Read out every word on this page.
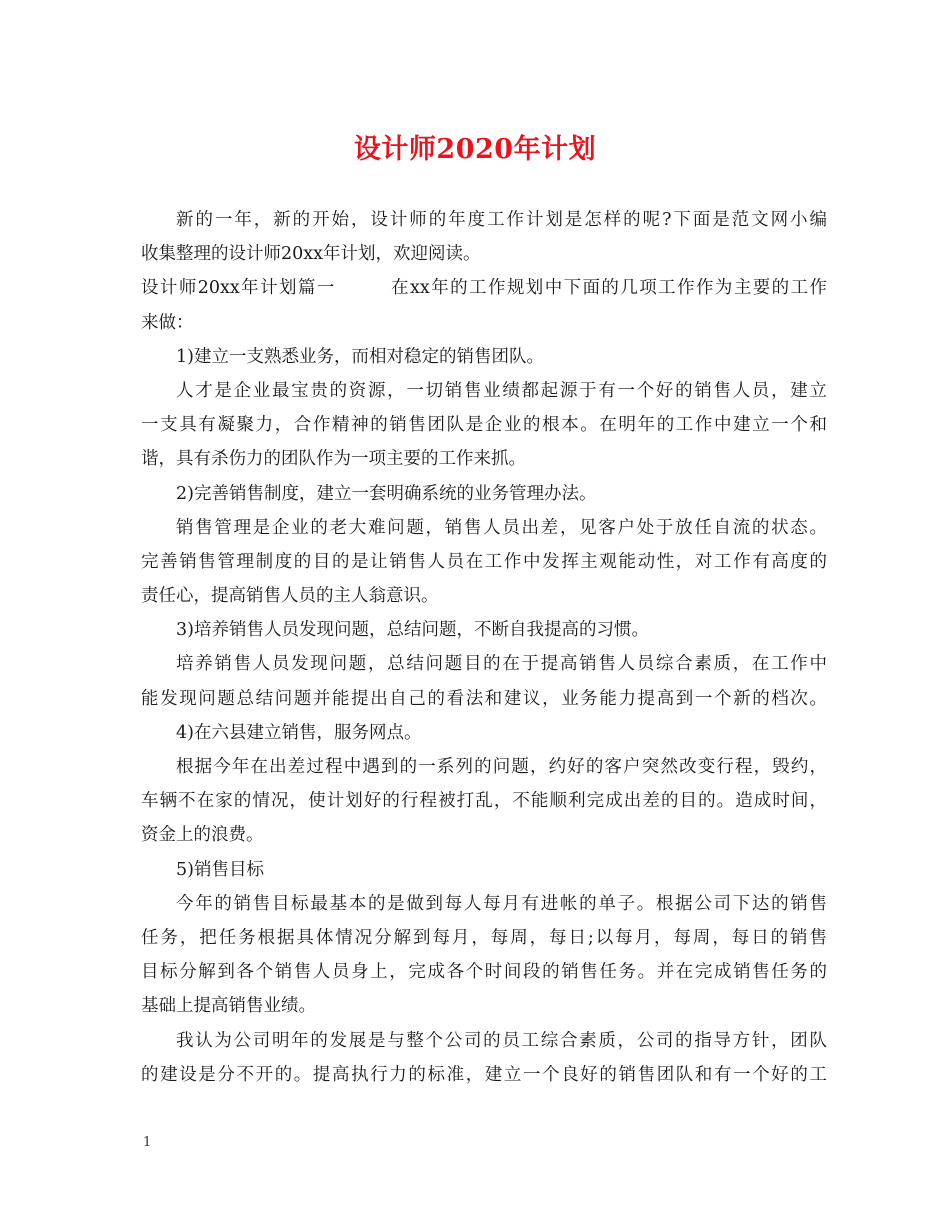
设计师2020年计划
新的一年，新的开始，设计师的年度工作计划是怎样的呢?下面是范文网小编
收集整理的设计师20xx年计划，欢迎阅读。
设计师20xx年计划篇一	在xx年的工作规划中下面的几项工作作为主要的工作
来做：
1)建立一支熟悉业务，而相对稳定的销售团队。
人才是企业最宝贵的资源，一切销售业绩都起源于有一个好的销售人员，建立
一支具有凝聚力，合作精神的销售团队是企业的根本。在明年的工作中建立一个和
谐，具有杀伤力的团队作为一项主要的工作来抓。
2)完善销售制度，建立一套明确系统的业务管理办法。
销售管理是企业的老大难问题，销售人员出差，见客户处于放任自流的状态。
完善销售管理制度的目的是让销售人员在工作中发挥主观能动性，对工作有高度的
责任心，提高销售人员的主人翁意识。
3)培养销售人员发现问题，总结问题，不断自我提高的习惯。
培养销售人员发现问题，总结问题目的在于提高销售人员综合素质，在工作中
能发现问题总结问题并能提出自己的看法和建议，业务能力提高到一个新的档次。
4)在六县建立销售，服务网点。
根据今年在出差过程中遇到的一系列的问题，约好的客户突然改变行程，毁约，
车辆不在家的情况，使计划好的行程被打乱，不能顺利完成出差的目的。造成时间，
资金上的浪费。
5)销售目标
今年的销售目标最基本的是做到每人每月有进帐的单子。根据公司下达的销售
任务，把任务根据具体情况分解到每月，每周，每日;以每月，每周，每日的销售
目标分解到各个销售人员身上，完成各个时间段的销售任务。并在完成销售任务的
基础上提高销售业绩。
我认为公司明年的发展是与整个公司的员工综合素质，公司的指导方针，团队
的建设是分不开的。提高执行力的标准，建立一个良好的销售团队和有一个好的工
1
